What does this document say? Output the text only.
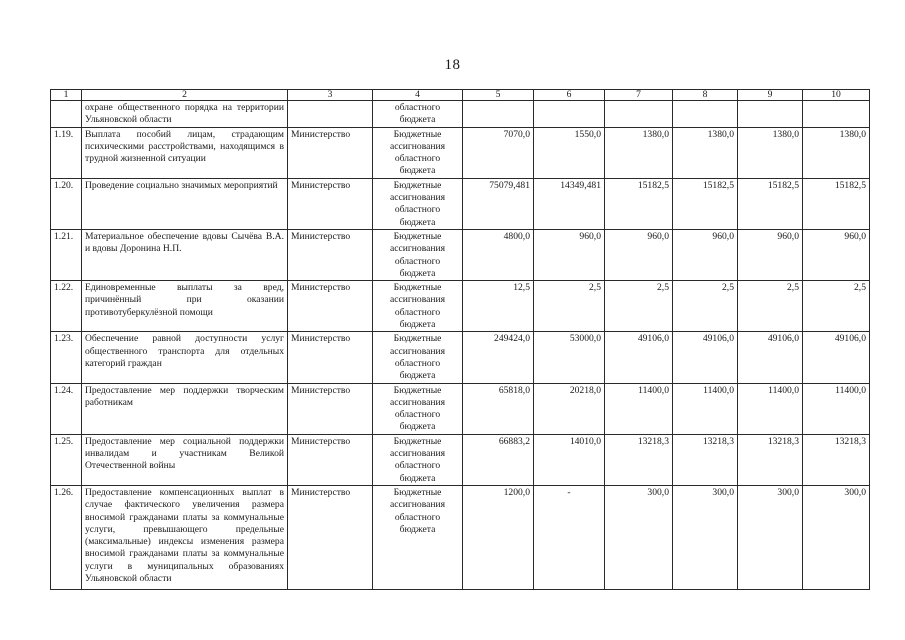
18
1	2	3	4	5	6	7	8	9	10
	охране общественного порядка на территории Ульяновской области		областного бюджета						
1.19.	Выплата пособий лицам, страдающим психическими расстройствами, находящимся в трудной жизненной ситуации	Министерство	Бюджетные ассигнования областного бюджета	7070,0	1550,0	1380,0	1380,0	1380,0	1380,0
1.20.	Проведение социально значимых мероприятий	Министерство	Бюджетные ассигнования областного бюджета	75079,481	14349,481	15182,5	15182,5	15182,5	15182,5
1.21.	Материальное обеспечение вдовы Сычёва В.А. и вдовы Доронина Н.П.	Министерство	Бюджетные ассигнования областного бюджета	4800,0	960,0	960,0	960,0	960,0	960,0
1.22.	Единовременные выплаты за вред, причинённый при оказании противотуберкулёзной помощи	Министерство	Бюджетные ассигнования областного бюджета	12,5	2,5	2,5	2,5	2,5	2,5
1.23.	Обеспечение равной доступности услуг общественного транспорта для отдельных категорий граждан	Министерство	Бюджетные ассигнования областного бюджета	249424,0	53000,0	49106,0	49106,0	49106,0	49106,0
1.24.	Предоставление мер поддержки творческим работникам	Министерство	Бюджетные ассигнования областного бюджета	65818,0	20218,0	11400,0	11400,0	11400,0	11400,0
1.25.	Предоставление мер социальной поддержки инвалидам и участникам Великой Отечественной войны	Министерство	Бюджетные ассигнования областного бюджета	66883,2	14010,0	13218,3	13218,3	13218,3	13218,3
1.26.	Предоставление компенсационных выплат в случае фактического увеличения размера вносимой гражданами платы за коммунальные услуги, превышающего предельные (максимальные) индексы изменения размера вносимой гражданами платы за коммунальные услуги в муниципальных образованиях Ульяновской области	Министерство	Бюджетные ассигнования областного бюджета	1200,0	-	300,0	300,0	300,0	300,0
